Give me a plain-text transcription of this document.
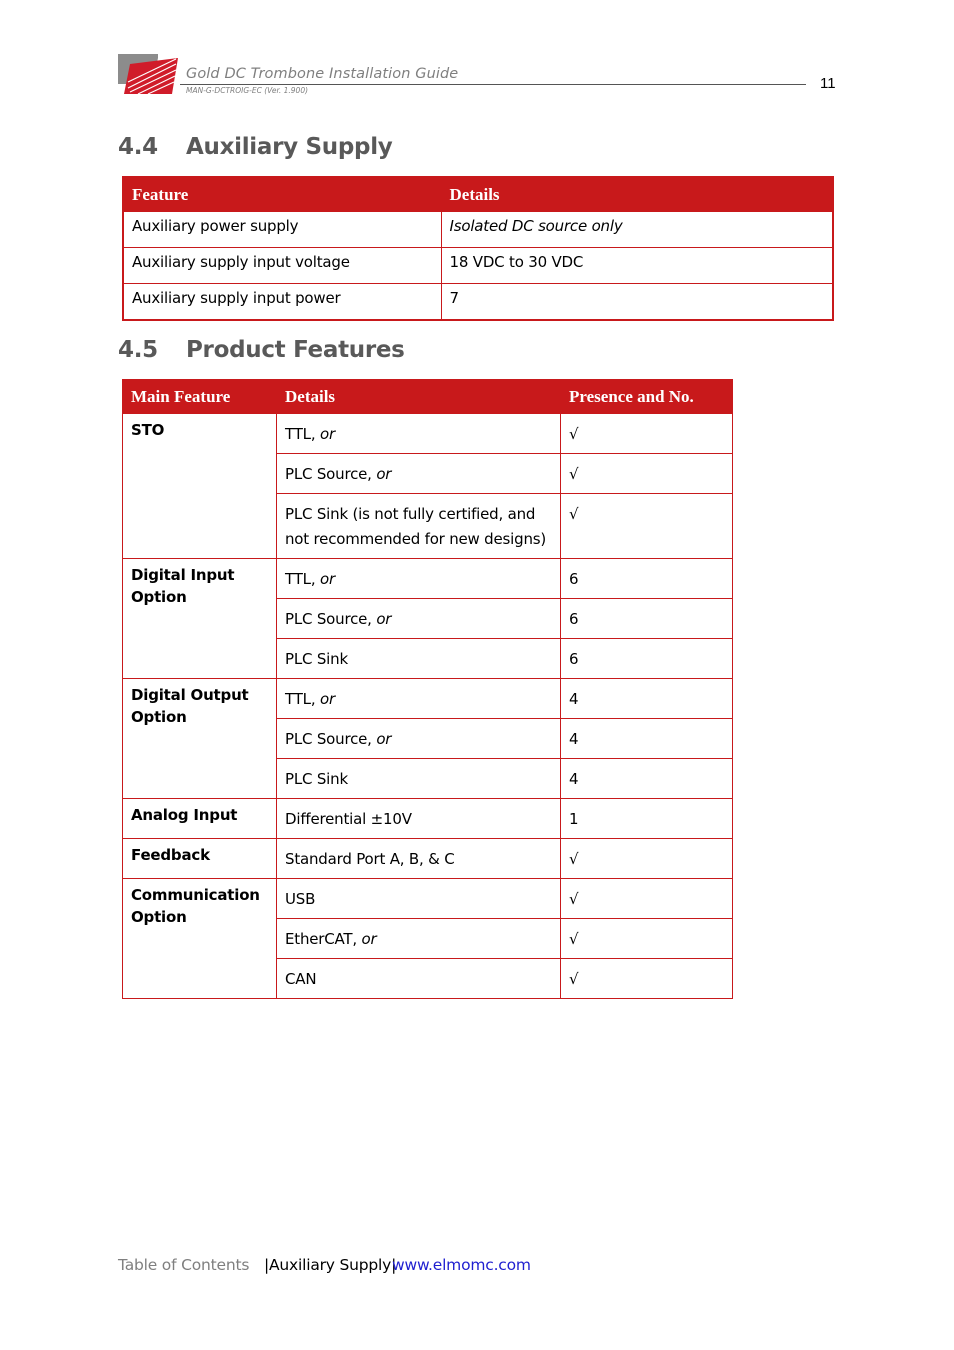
Gold DC Trombone Installation Guide
MAN-G-DCTROIG-EC (Ver. 1.900)	11
4.4 Auxiliary Supply
Feature	Details
Auxiliary power supply	Isolated DC source only
Auxiliary supply input voltage	18 VDC to 30 VDC
Auxiliary supply input power	7
4.5 Product Features
Main Feature	Details	Presence and No.
STO	TTL, or	√
	PLC Source, or	√
	PLC Sink (is not fully certified, and not recommended for new designs)	√
Digital Input Option	TTL, or	6
	PLC Source, or	6
	PLC Sink	6
Digital Output Option	TTL, or	4
	PLC Source, or	4
	PLC Sink	4
Analog Input	Differential ±10V	1
Feedback	Standard Port A, B, & C	√
Communication Option	USB	√
	EtherCAT, or	√
	CAN	√
Table of Contents |Auxiliary Supply|
www.elmomc.com
